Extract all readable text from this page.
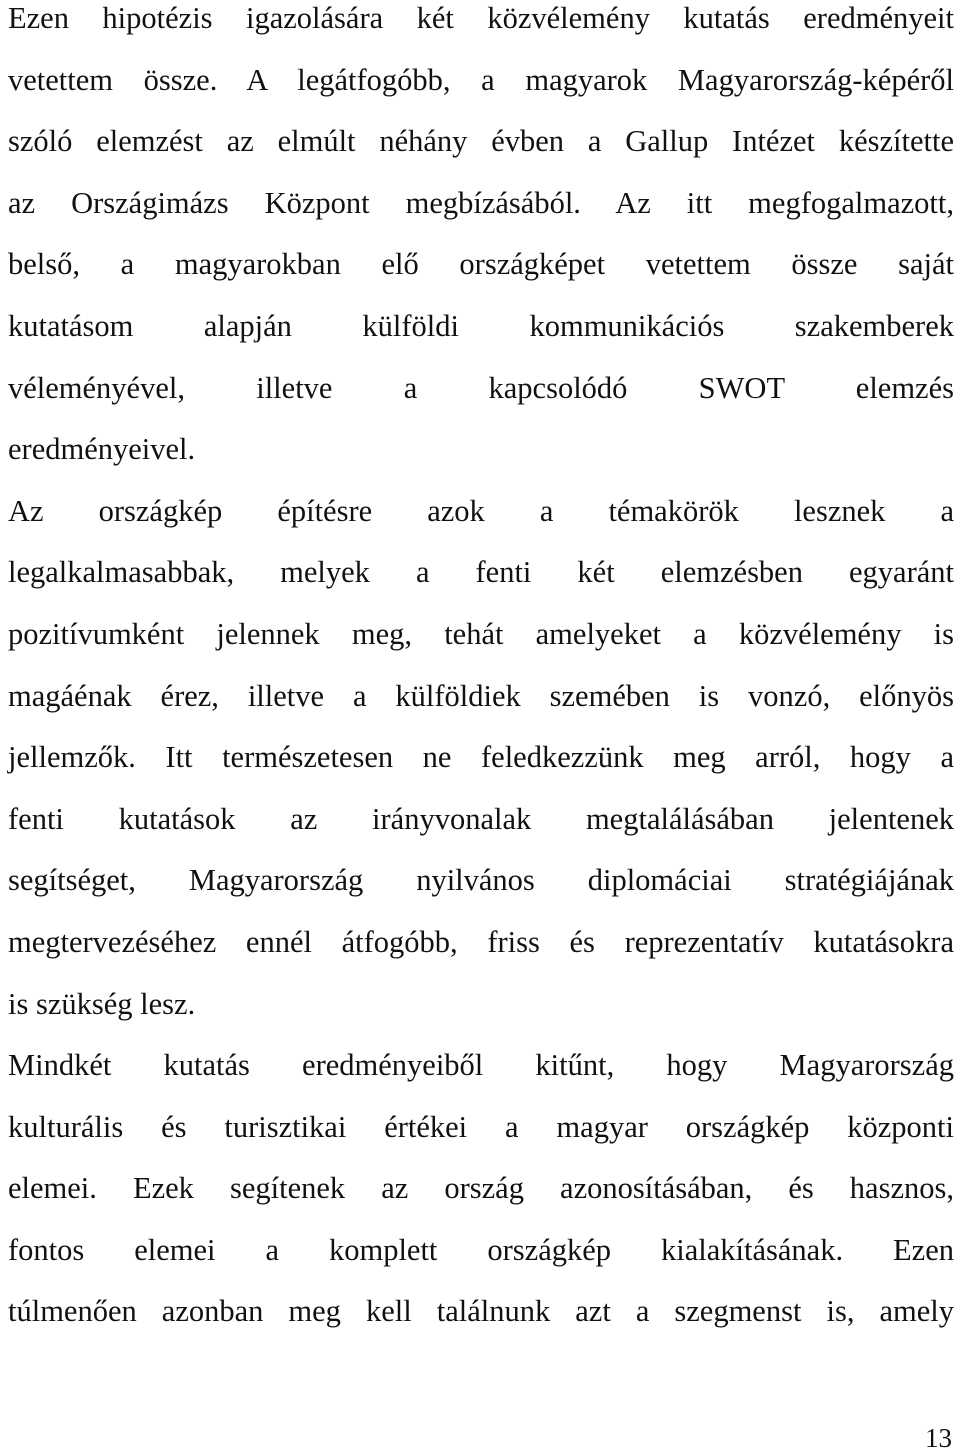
Ezen hipotézis igazolására két közvélemény kutatás eredményeit
vetettem össze. A legátfogóbb, a magyarok Magyarország-képéről
szóló elemzést az elmúlt néhány évben a Gallup Intézet készítette
az Országimázs Központ megbízásából. Az itt megfogalmazott,
belső, a magyarokban elő országképet vetettem össze saját
kutatásom alapján külföldi kommunikációs szakemberek
véleményével, illetve a kapcsolódó SWOT elemzés
eredményeivel.
Az országkép építésre azok a témakörök lesznek a
legalkalmasabbak, melyek a fenti két elemzésben egyaránt
pozitívumként jelennek meg, tehát amelyeket a közvélemény is
magáénak érez, illetve a külföldiek szemében is vonzó, előnyös
jellemzők. Itt természetesen ne feledkezzünk meg arról, hogy a
fenti kutatások az irányvonalak megtalálásában jelentenek
segítséget, Magyarország nyilvános diplomáciai stratégiájának
megtervezéséhez ennél átfogóbb, friss és reprezentatív kutatásokra
is szükség lesz.
Mindkét kutatás eredményeiből kitűnt, hogy Magyarország
kulturális és turisztikai értékei a magyar országkép központi
elemei. Ezek segítenek az ország azonosításában, és hasznos,
fontos elemei a komplett országkép kialakításának. Ezen
túlmenően azonban meg kell találnunk azt a szegmenst is, amely
13
